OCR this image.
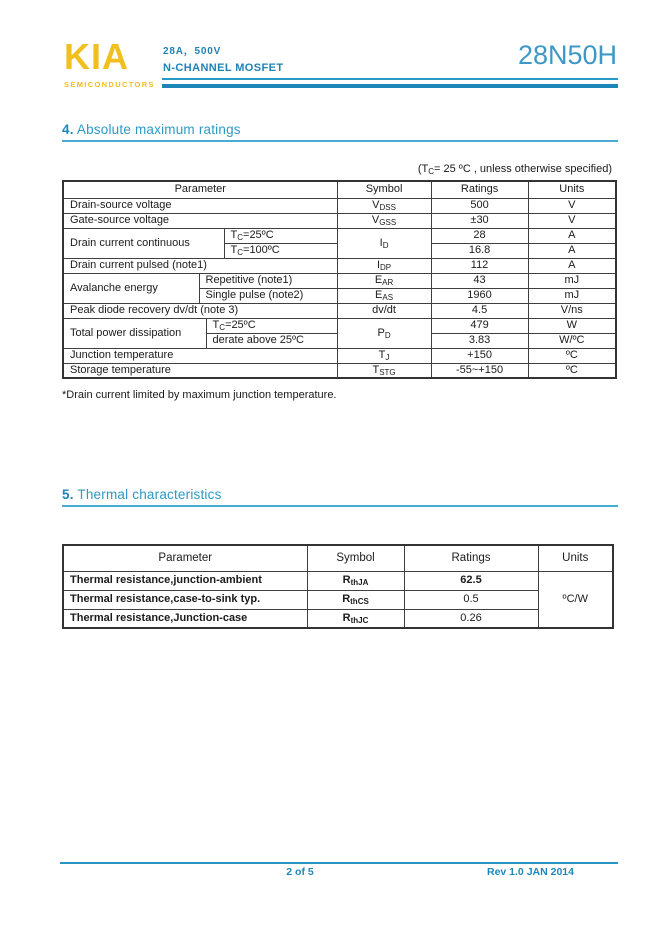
KIA
SEMICONDUCTORS
28A，500V
N-CHANNEL MOSFET	28N50H
4. Absolute maximum ratings
($T_C= 25$ ºC , unless otherwise specified)
Parameter				Symbol	Ratings	Units
Drain-source voltage				$V_{DSS}$	500	V
Gate-source voltage				$V_{GSS}$	±30	V
Drain current continuous			$T_C=25ºC$	$I_D$	28	A
			$T_C=100ºC$		16.8	A
Drain current pulsed (note1)				$I_{DP}$	112	A
Avalanche energy	Repetitive (note1)			$E_{AR}$	43	mJ
	Single pulse (note2)			$E_{AS}$	1960	mJ
Peak diode recovery dv/dt (note 3)				dv/dt	4.5	V/ns
Total power dissipation		$T_C=25ºC$		$P_D$	479	W
		derate above 25ºC			3.83	W/ºC
Junction temperature				$T_J$	+150	ºC
Storage temperature				$T_{STG}$	-55~+150	ºC
*Drain current limited by maximum junction temperature.
5. Thermal characteristics
Parameter	Symbol	Ratings	Units
Thermal resistance,junction-ambient	$R_{thJA}$	62.5	ºC/W
Thermal resistance,case-to-sink typ.	$R_{thCS}$	0.5	
Thermal resistance,Junction-case	$R_{thJC}$	0.26	
2 of 5	Rev 1.0 JAN 2014
